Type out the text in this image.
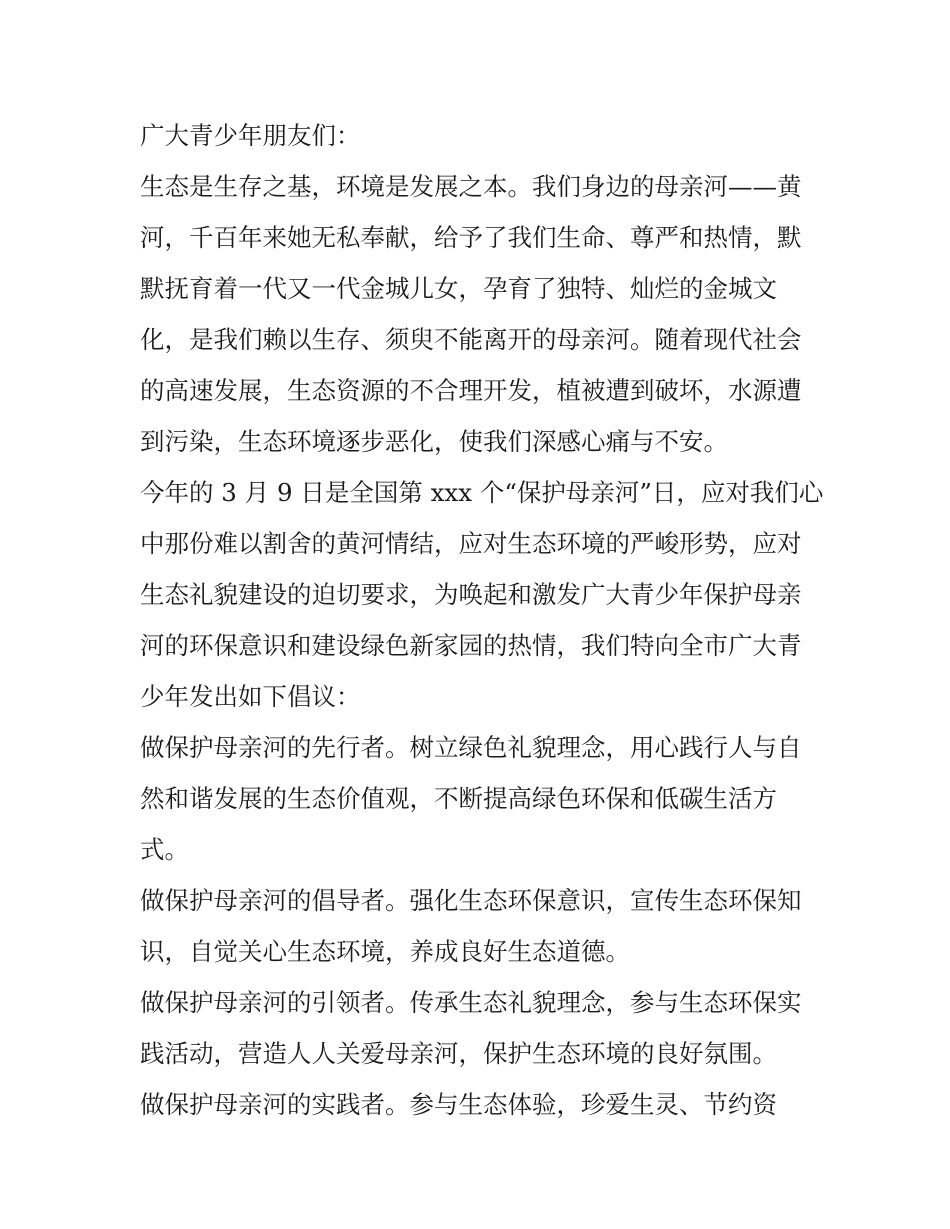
广大青少年朋友们：
生态是生存之基，环境是发展之本。我们身边的母亲河——黄
河，千百年来她无私奉献，给予了我们生命、尊严和热情，默
默抚育着一代又一代金城儿女，孕育了独特、灿烂的金城文
化，是我们赖以生存、须臾不能离开的母亲河。随着现代社会
的高速发展，生态资源的不合理开发，植被遭到破坏，水源遭
到污染，生态环境逐步恶化，使我们深感心痛与不安。
今年的 3 月 9 日是全国第 xxx 个“保护母亲河”日，应对我们心
中那份难以割舍的黄河情结，应对生态环境的严峻形势，应对
生态礼貌建设的迫切要求，为唤起和激发广大青少年保护母亲
河的环保意识和建设绿色新家园的热情，我们特向全市广大青
少年发出如下倡议：
做保护母亲河的先行者。树立绿色礼貌理念，用心践行人与自
然和谐发展的生态价值观，不断提高绿色环保和低碳生活方
式。
做保护母亲河的倡导者。强化生态环保意识，宣传生态环保知
识，自觉关心生态环境，养成良好生态道德。
做保护母亲河的引领者。传承生态礼貌理念，参与生态环保实
践活动，营造人人关爱母亲河，保护生态环境的良好氛围。
做保护母亲河的实践者。参与生态体验，珍爱生灵、节约资
